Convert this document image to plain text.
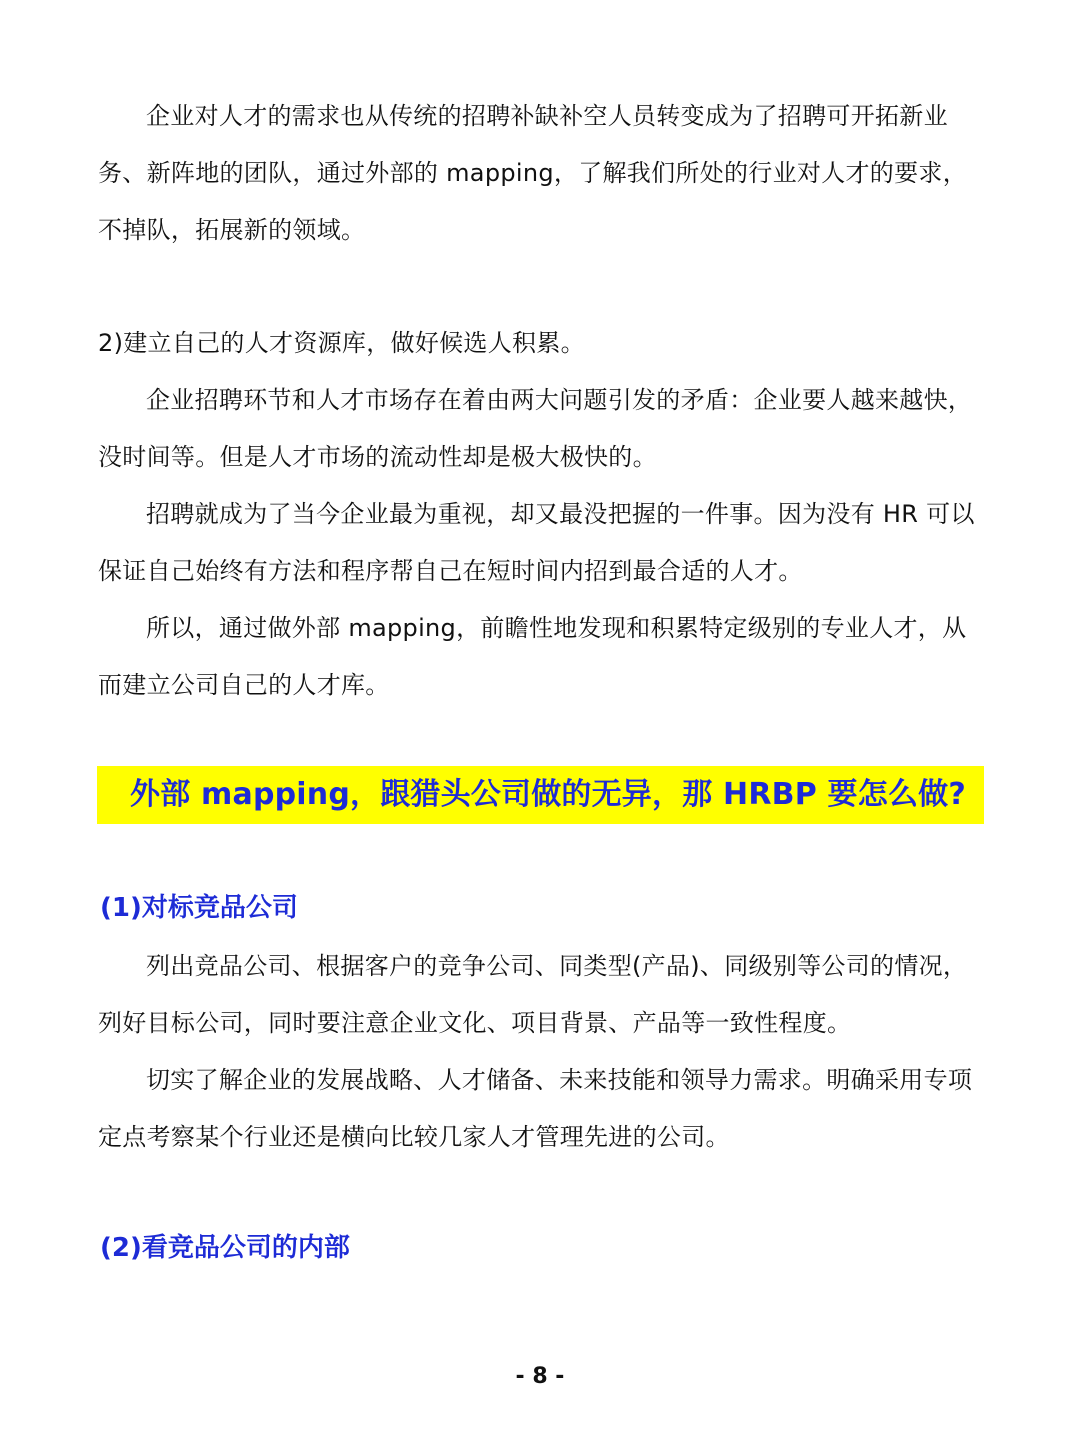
企业对人才的需求也从传统的招聘补缺补空人员转变成为了招聘可开拓新业务、新阵地的团队，通过外部的 mapping，了解我们所处的行业对人才的要求，不掉队，拓展新的领域。

2)建立自己的人才资源库，做好候选人积累。

企业招聘环节和人才市场存在着由两大问题引发的矛盾：企业要人越来越快，没时间等。但是人才市场的流动性却是极大极快的。

招聘就成为了当今企业最为重视，却又最没把握的一件事。因为没有 HR 可以保证自己始终有方法和程序帮自己在短时间内招到最合适的人才。

所以，通过做外部 mapping，前瞻性地发现和积累特定级别的专业人才，从而建立公司自己的人才库。

外部 mapping，跟猎头公司做的无异，那 HRBP 要怎么做?
(1)对标竞品公司

列出竞品公司、根据客户的竞争公司、同类型(产品)、同级别等公司的情况，列好目标公司，同时要注意企业文化、项目背景、产品等一致性程度。

切实了解企业的发展战略、人才储备、未来技能和领导力需求。明确采用专项定点考察某个行业还是横向比较几家人才管理先进的公司。

(2)看竞品公司的内部
- 8 -
